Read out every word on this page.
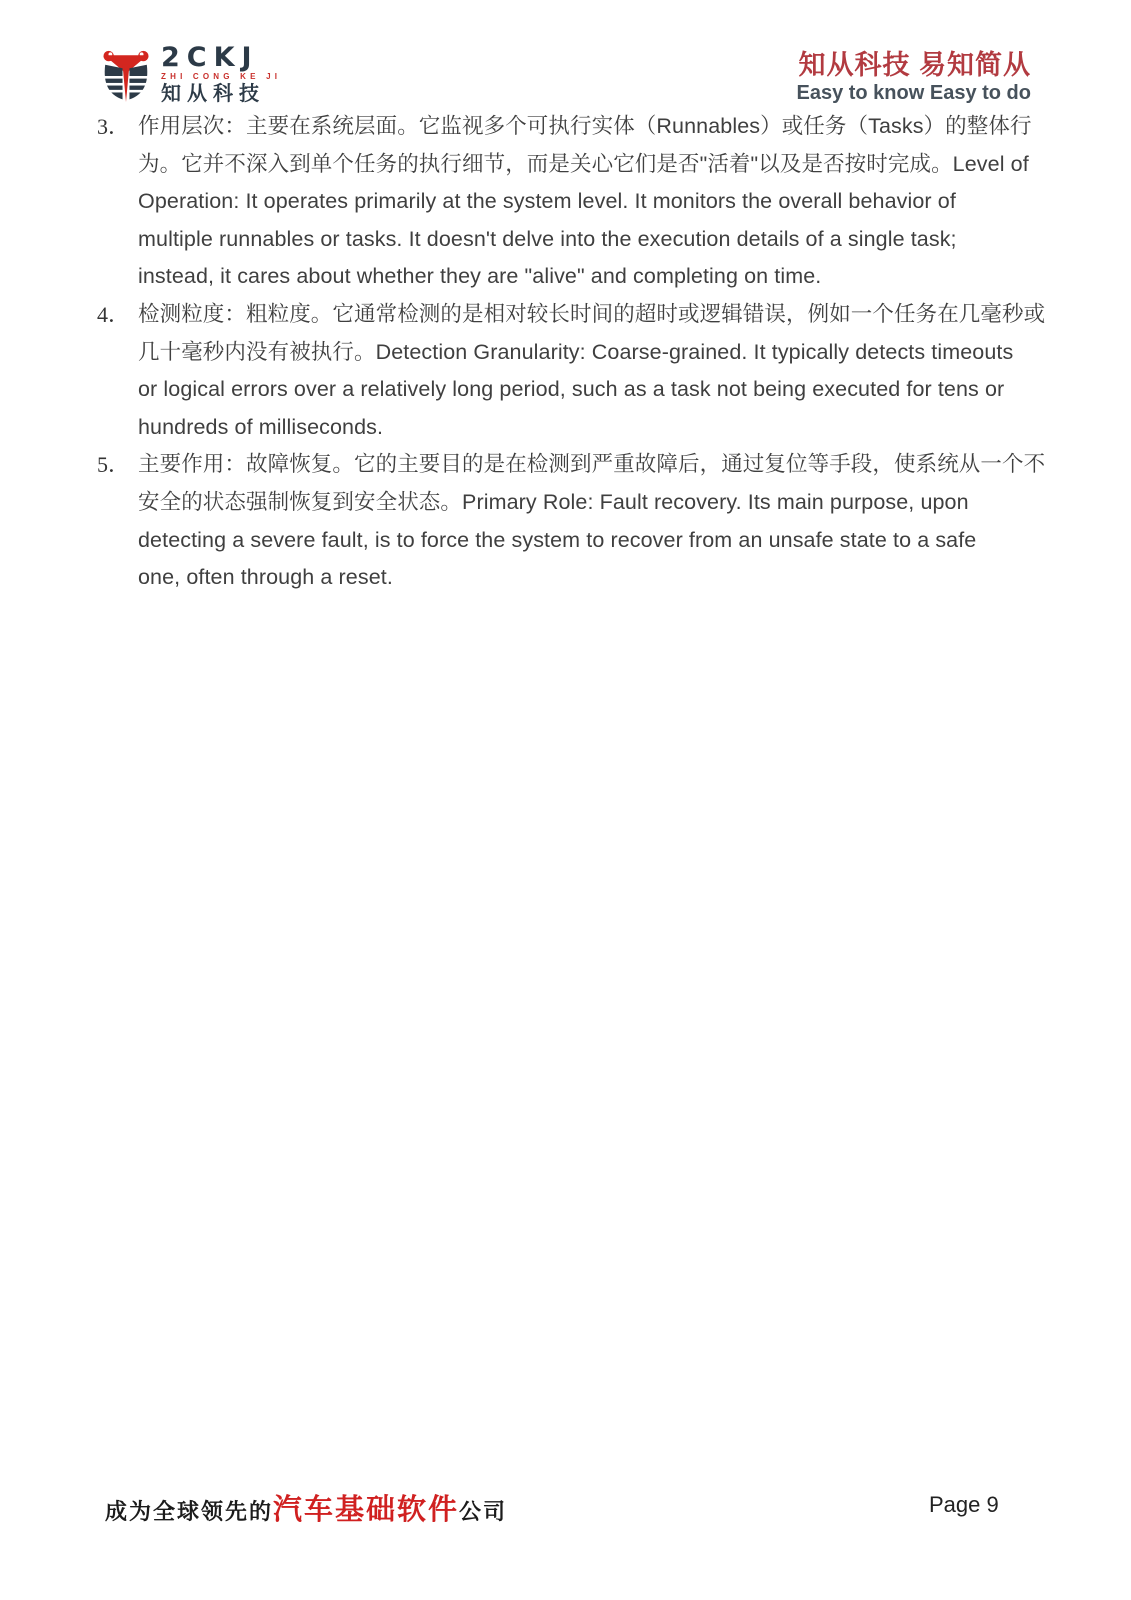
2CKJ
ZHI CONG KE JI
知从科技
知从科技 易知简从
Easy to know Easy to do
3． 作用层次：主要在系统层面。它监视多个可执行实体（Runnables）或任务（Tasks）的整体行
为。它并不深入到单个任务的执行细节，而是关心它们是否"活着"以及是否按时完成。Level of
Operation: It operates primarily at the system level. It monitors the overall behavior of
multiple runnables or tasks. It doesn't delve into the execution details of a single task;
instead, it cares about whether they are "alive" and completing on time.
4． 检测粒度：粗粒度。它通常检测的是相对较长时间的超时或逻辑错误，例如一个任务在几毫秒或
几十毫秒内没有被执行。Detection Granularity: Coarse-grained. It typically detects timeouts
or logical errors over a relatively long period, such as a task not being executed for tens or
hundreds of milliseconds.
5． 主要作用：故障恢复。它的主要目的是在检测到严重故障后，通过复位等手段，使系统从一个不
安全的状态强制恢复到安全状态。Primary Role: Fault recovery. Its main purpose, upon
detecting a severe fault, is to force the system to recover from an unsafe state to a safe
one, often through a reset.
成为全球领先的汽车基础软件公司	Page 9
